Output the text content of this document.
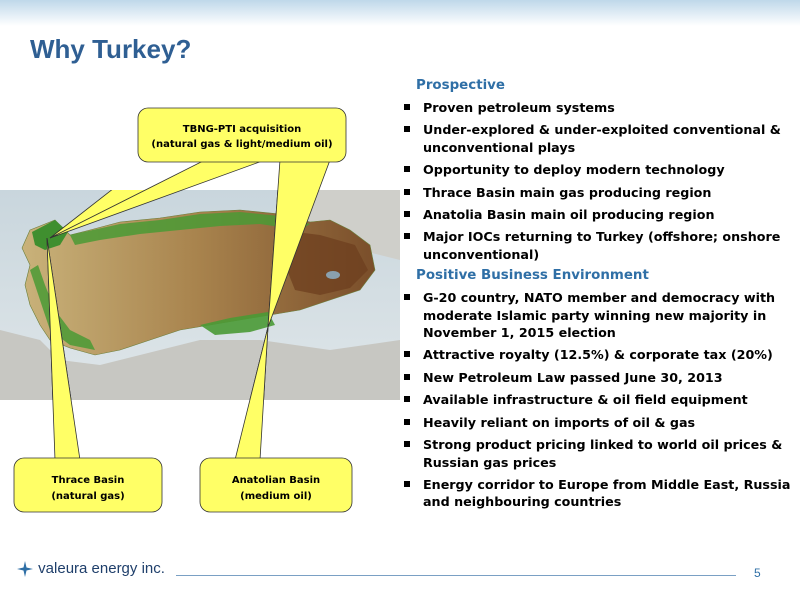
Why Turkey?
TBNG-PTI acquisition
(natural gas & light/medium oil)
Thrace Basin
(natural gas)
Anatolian Basin
(medium oil)
Prospective
Proven petroleum systems
Under-explored & under-exploited conventional & unconventional plays
Opportunity to deploy modern technology
Thrace Basin main gas producing region
Anatolia Basin main oil producing region
Major IOCs returning to Turkey (offshore; onshore unconventional)
Positive Business Environment
G-20 country, NATO member and democracy with moderate Islamic party winning new majority in November 1, 2015 election
Attractive royalty (12.5%) & corporate tax (20%)
New Petroleum Law passed June 30, 2013
Available infrastructure & oil field equipment
Heavily reliant on imports of oil & gas
Strong product pricing linked to world oil prices & Russian gas prices
Energy corridor to Europe from Middle East, Russia and neighbouring countries
valeura energy inc.	5
